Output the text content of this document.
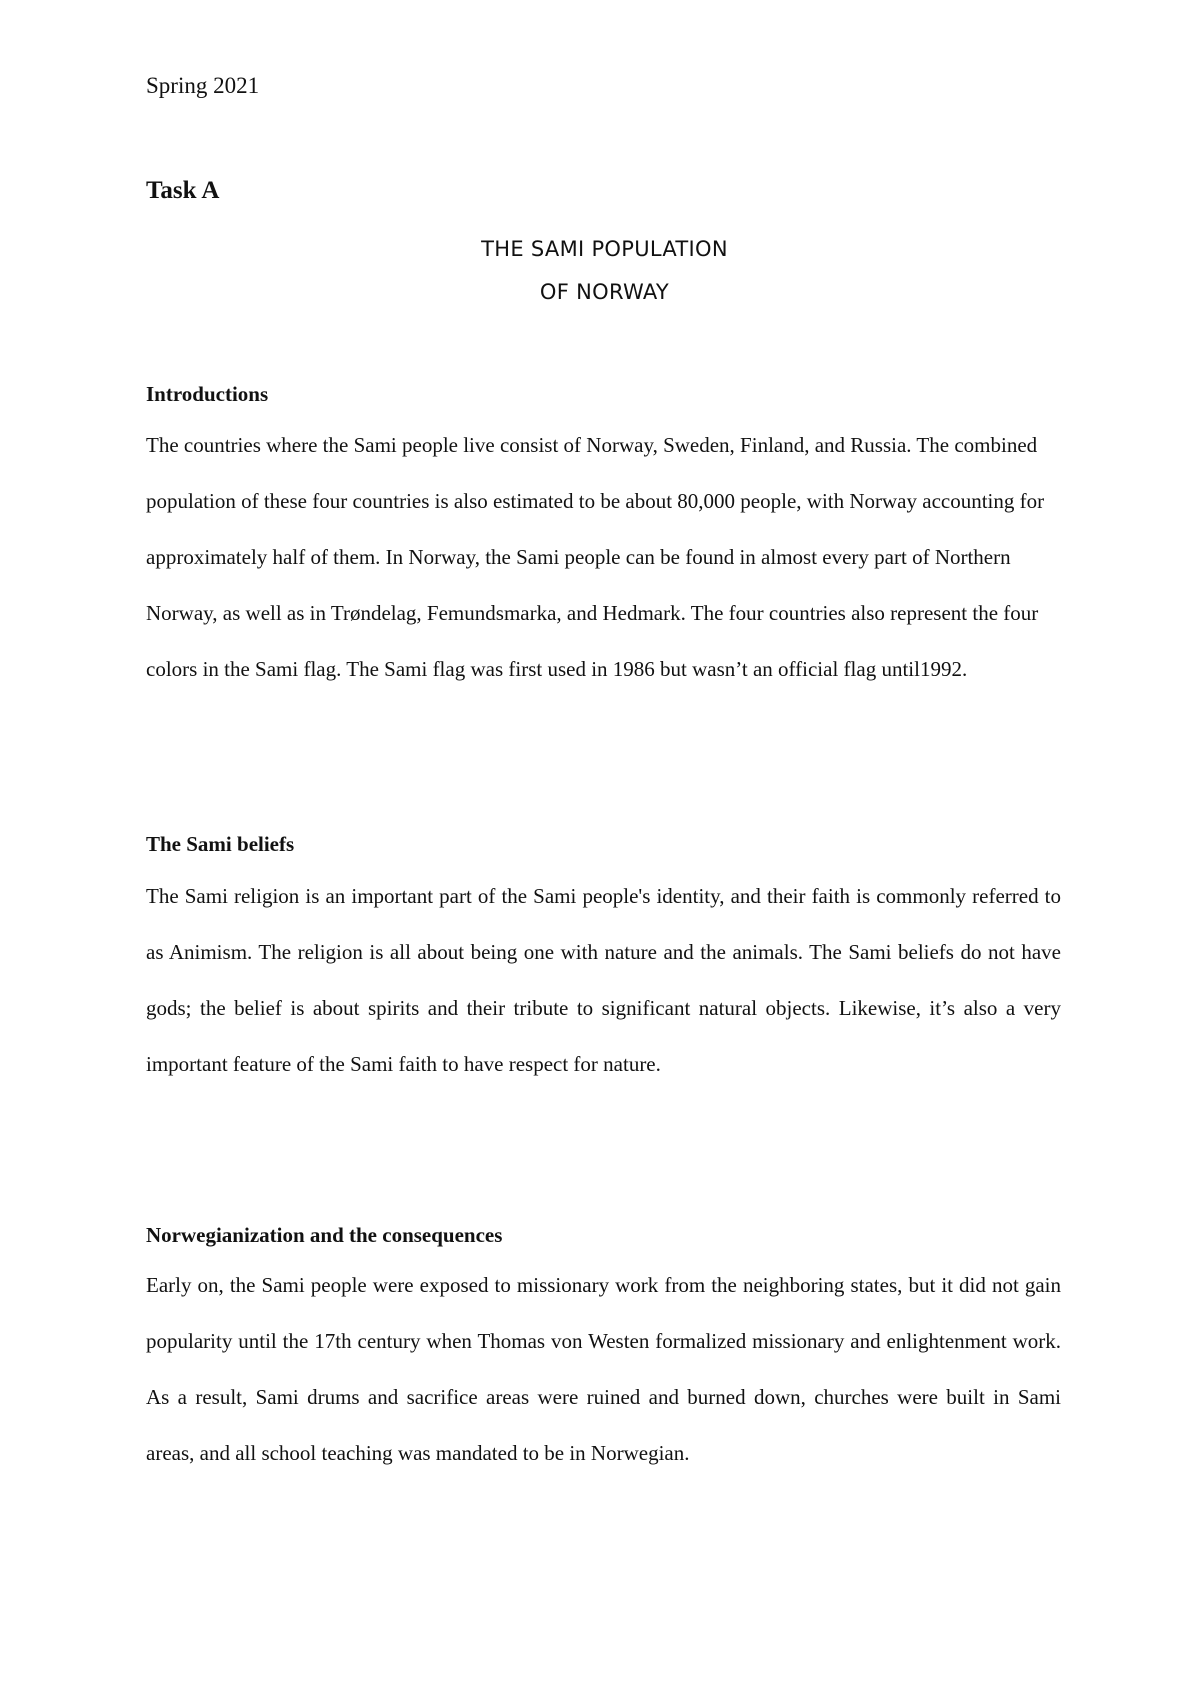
Spring 2021
Task A
THE SAMI POPULATION
OF NORWAY
Introductions

The countries where the Sami people live consist of Norway, Sweden, Finland, and Russia. The combined population of these four countries is also estimated to be about 80,000 people, with Norway accounting for approximately half of them. In Norway, the Sami people can be found in almost every part of Northern Norway, as well as in Trøndelag, Femundsmarka, and Hedmark. The four countries also represent the four colors in the Sami flag. The Sami flag was first used in 1986 but wasn’t an official flag until1992.

The Sami beliefs

The Sami religion is an important part of the Sami people's identity, and their faith is commonly referred to as Animism. The religion is all about being one with nature and the animals. The Sami beliefs do not have gods; the belief is about spirits and their tribute to significant natural objects. Likewise, it’s also a very important feature of the Sami faith to have respect for nature.

Norwegianization and the consequences

Early on, the Sami people were exposed to missionary work from the neighboring states, but it did not gain popularity until the 17th century when Thomas von Westen formalized missionary and enlightenment work. As a result, Sami drums and sacrifice areas were ruined and burned down, churches were built in Sami areas, and all school teaching was mandated to be in Norwegian.
